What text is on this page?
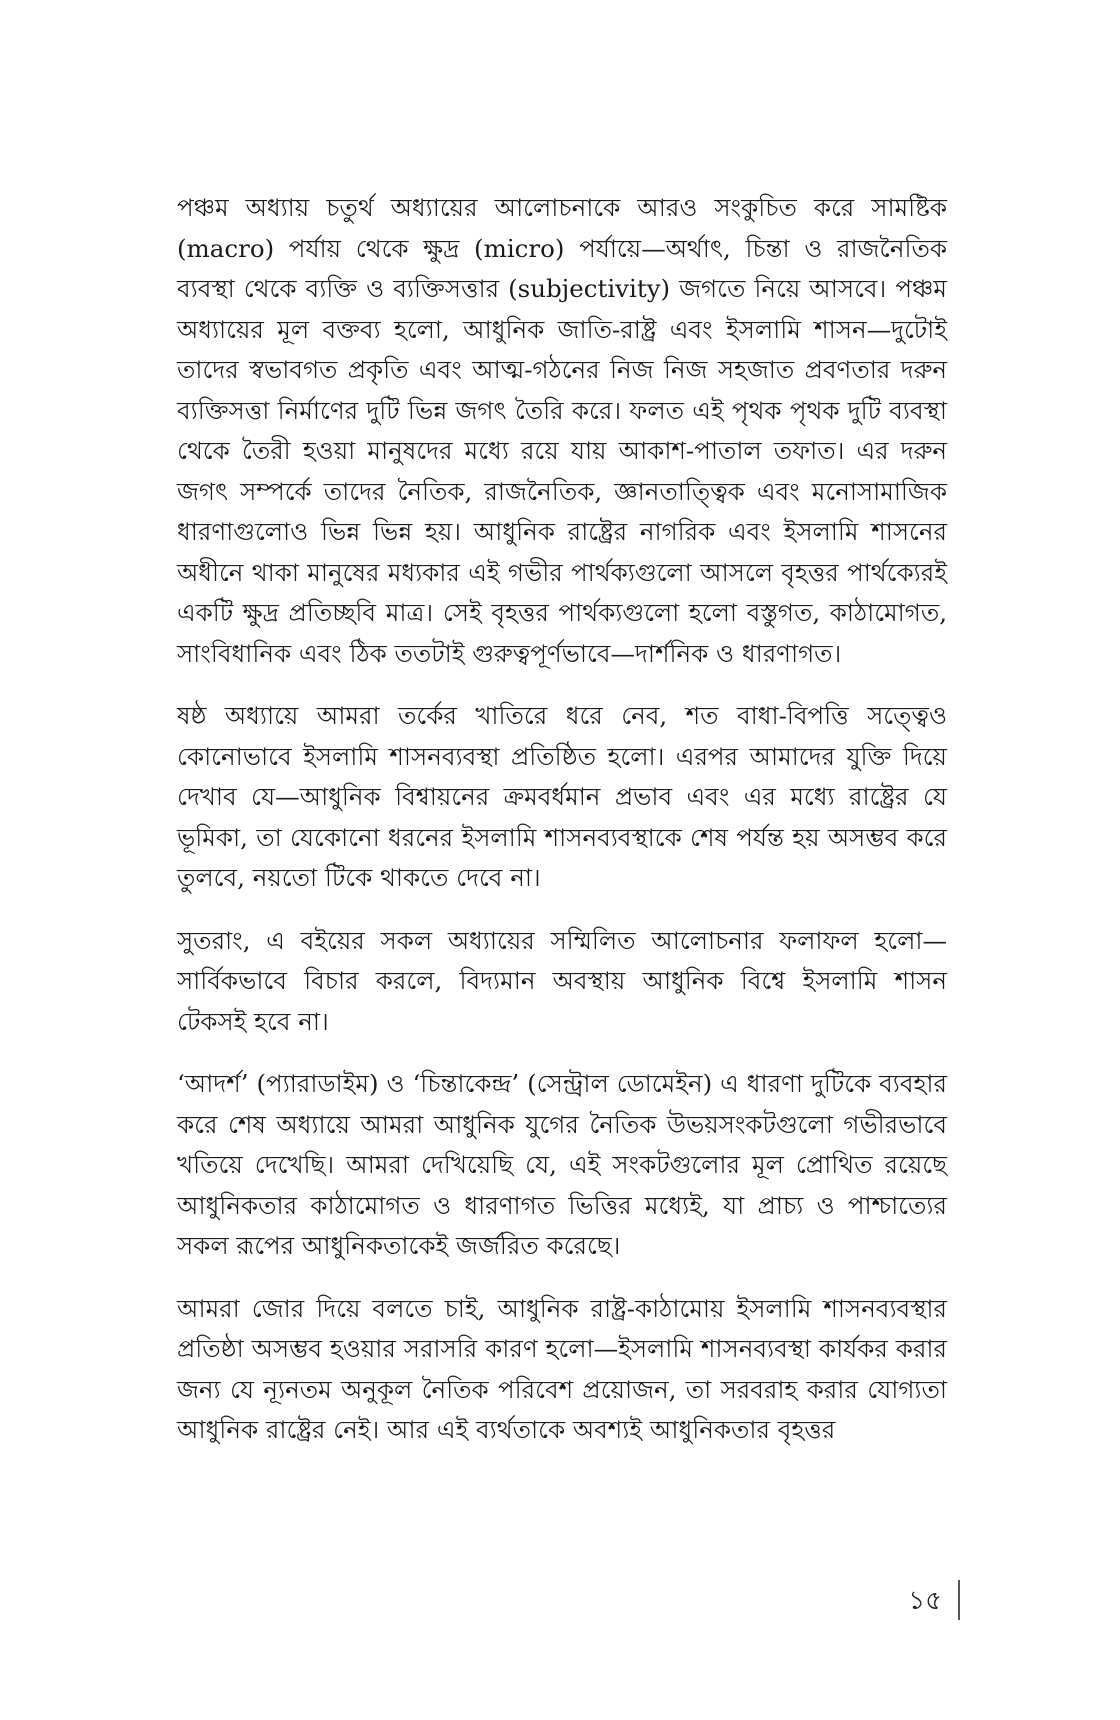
পঞ্চম অধ্যায় চতুর্থ অধ্যায়ের আলোচনাকে আরও সংকুচিত করে সামষ্টিক (macro) পর্যায় থেকে ক্ষুদ্র (micro) পর্যায়ে—অর্থাৎ, চিন্তা ও রাজনৈতিক ব্যবস্থা থেকে ব্যক্তি ও ব্যক্তিসত্তার (subjectivity) জগতে নিয়ে আসবে। পঞ্চম অধ্যায়ের মূল বক্তব্য হলো, আধুনিক জাতি-রাষ্ট্র এবং ইসলামি শাসন—দুটোই তাদের স্বভাবগত প্রকৃতি এবং আত্ম-গঠনের নিজ নিজ সহজাত প্রবণতার দরুন ব্যক্তিসত্তা নির্মাণের দুটি ভিন্ন জগৎ তৈরি করে। ফলত এই পৃথক পৃথক দুটি ব্যবস্থা থেকে তৈরী হওয়া মানুষদের মধ্যে রয়ে যায় আকাশ-পাতাল তফাত। এর দরুন জগৎ সম্পর্কে তাদের নৈতিক, রাজনৈতিক, জ্ঞানতাত্ত্বিক এবং মনোসামাজিক ধারণাগুলোও ভিন্ন ভিন্ন হয়। আধুনিক রাষ্ট্রের নাগরিক এবং ইসলামি শাসনের অধীনে থাকা মানুষের মধ্যকার এই গভীর পার্থক্যগুলো আসলে বৃহত্তর পার্থক্যেরই একটি ক্ষুদ্র প্রতিচ্ছবি মাত্র। সেই বৃহত্তর পার্থক্যগুলো হলো বস্তুগত, কাঠামোগত, সাংবিধানিক এবং ঠিক ততটাই গুরুত্বপূর্ণভাবে—দার্শনিক ও ধারণাগত।

ষষ্ঠ অধ্যায়ে আমরা তর্কের খাতিরে ধরে নেব, শত বাধা-বিপত্তি সত্ত্বেও কোনোভাবে ইসলামি শাসনব্যবস্থা প্রতিষ্ঠিত হলো। এরপর আমাদের যুক্তি দিয়ে দেখাব যে—আধুনিক বিশ্বায়নের ক্রমবর্ধমান প্রভাব এবং এর মধ্যে রাষ্ট্রের যে ভূমিকা, তা যেকোনো ধরনের ইসলামি শাসনব্যবস্থাকে শেষ পর্যন্ত হয় অসম্ভব করে তুলবে, নয়তো টিকে থাকতে দেবে না।

সুতরাং, এ বইয়ের সকল অধ্যায়ের সম্মিলিত আলোচনার ফলাফল হলো—সার্বিকভাবে বিচার করলে, বিদ্যমান অবস্থায় আধুনিক বিশ্বে ইসলামি শাসন টেকসই হবে না।

‘আদর্শ’ (প্যারাডাইম) ও ‘চিন্তাকেন্দ্র’ (সেন্ট্রাল ডোমেইন) এ ধারণা দুটিকে ব্যবহার করে শেষ অধ্যায়ে আমরা আধুনিক যুগের নৈতিক উভয়সংকটগুলো গভীরভাবে খতিয়ে দেখেছি। আমরা দেখিয়েছি যে, এই সংকটগুলোর মূল প্রোথিত রয়েছে আধুনিকতার কাঠামোগত ও ধারণাগত ভিত্তির মধ্যেই, যা প্রাচ্য ও পাশ্চাত্যের সকল রূপের আধুনিকতাকেই জর্জরিত করেছে।

আমরা জোর দিয়ে বলতে চাই, আধুনিক রাষ্ট্র-কাঠামোয় ইসলামি শাসনব্যবস্থার প্রতিষ্ঠা অসম্ভব হওয়ার সরাসরি কারণ হলো—ইসলামি শাসনব্যবস্থা কার্যকর করার জন্য যে ন্যূনতম অনুকূল নৈতিক পরিবেশ প্রয়োজন, তা সরবরাহ করার যোগ্যতা আধুনিক রাষ্ট্রের নেই। আর এই ব্যর্থতাকে অবশ্যই আধুনিকতার বৃহত্তর

১৫
